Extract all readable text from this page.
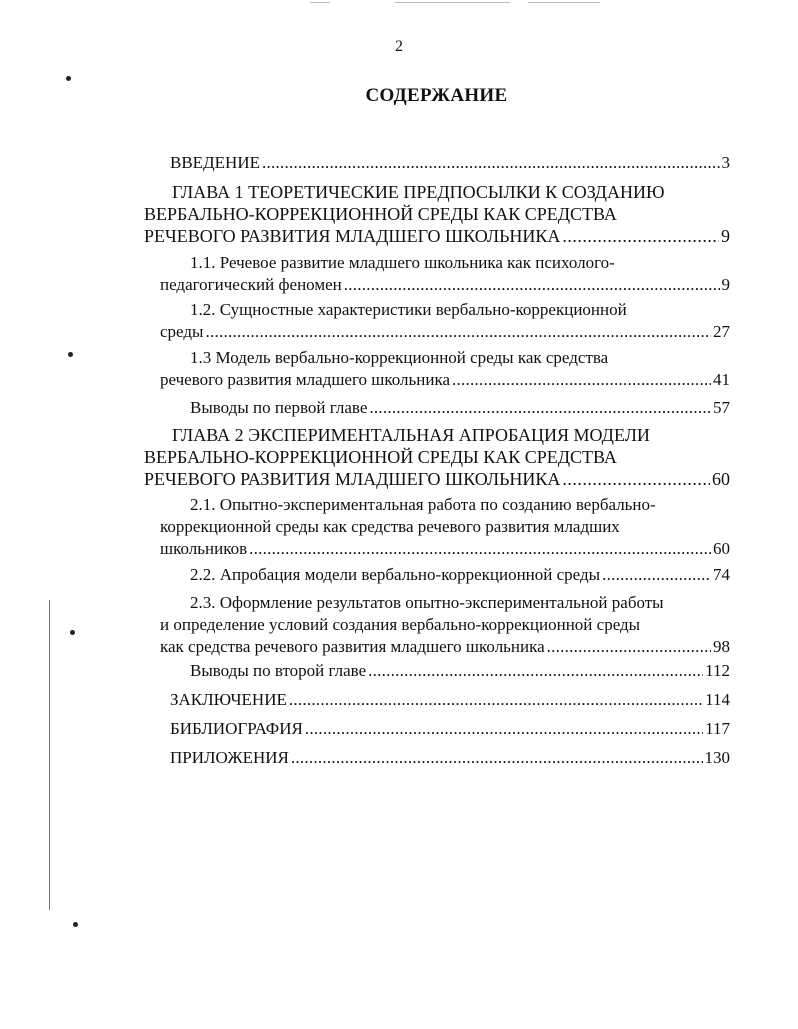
2
СОДЕРЖАНИЕ
ВВЕДЕНИЕ . . .	3
ГЛАВА 1 ТЕОРЕТИЧЕСКИЕ ПРЕДПОСЫЛКИ К СОЗДАНИЮ
ВЕРБАЛЬНО-КОРРЕКЦИОННОЙ СРЕДЫ КАК СРЕДСТВА
РЕЧЕВОГО РАЗВИТИЯ МЛАДШЕГО ШКОЛЬНИКА . . .	9
1.1. Речевое развитие младшего школьника как психолого-
педагогический феномен . . .	9
1.2. Сущностные характеристики вербально-коррекционной
среды . . .	27
1.3 Модель вербально-коррекционной среды как средства
речевого развития младшего школьника . . .	41
Выводы по первой главе . . .	57
ГЛАВА 2 ЭКСПЕРИМЕНТАЛЬНАЯ АПРОБАЦИЯ МОДЕЛИ
ВЕРБАЛЬНО-КОРРЕКЦИОННОЙ СРЕДЫ КАК СРЕДСТВА
РЕЧЕВОГО РАЗВИТИЯ МЛАДШЕГО ШКОЛЬНИКА . . .	60
2.1. Опытно-экспериментальная работа по созданию вербально-
коррекционной среды как средства речевого развития младших
школьников . . .	60
2.2. Апробация модели вербально-коррекционной среды . . .	74
2.3. Оформление результатов опытно-экспериментальной работы
и определение условий создания вербально-коррекционной среды
как средства речевого развития младшего школьника . . .	98
Выводы по второй главе . . .	112
ЗАКЛЮЧЕНИЕ . . .	114
БИБЛИОГРАФИЯ . . .	117
ПРИЛОЖЕНИЯ . . .	130
